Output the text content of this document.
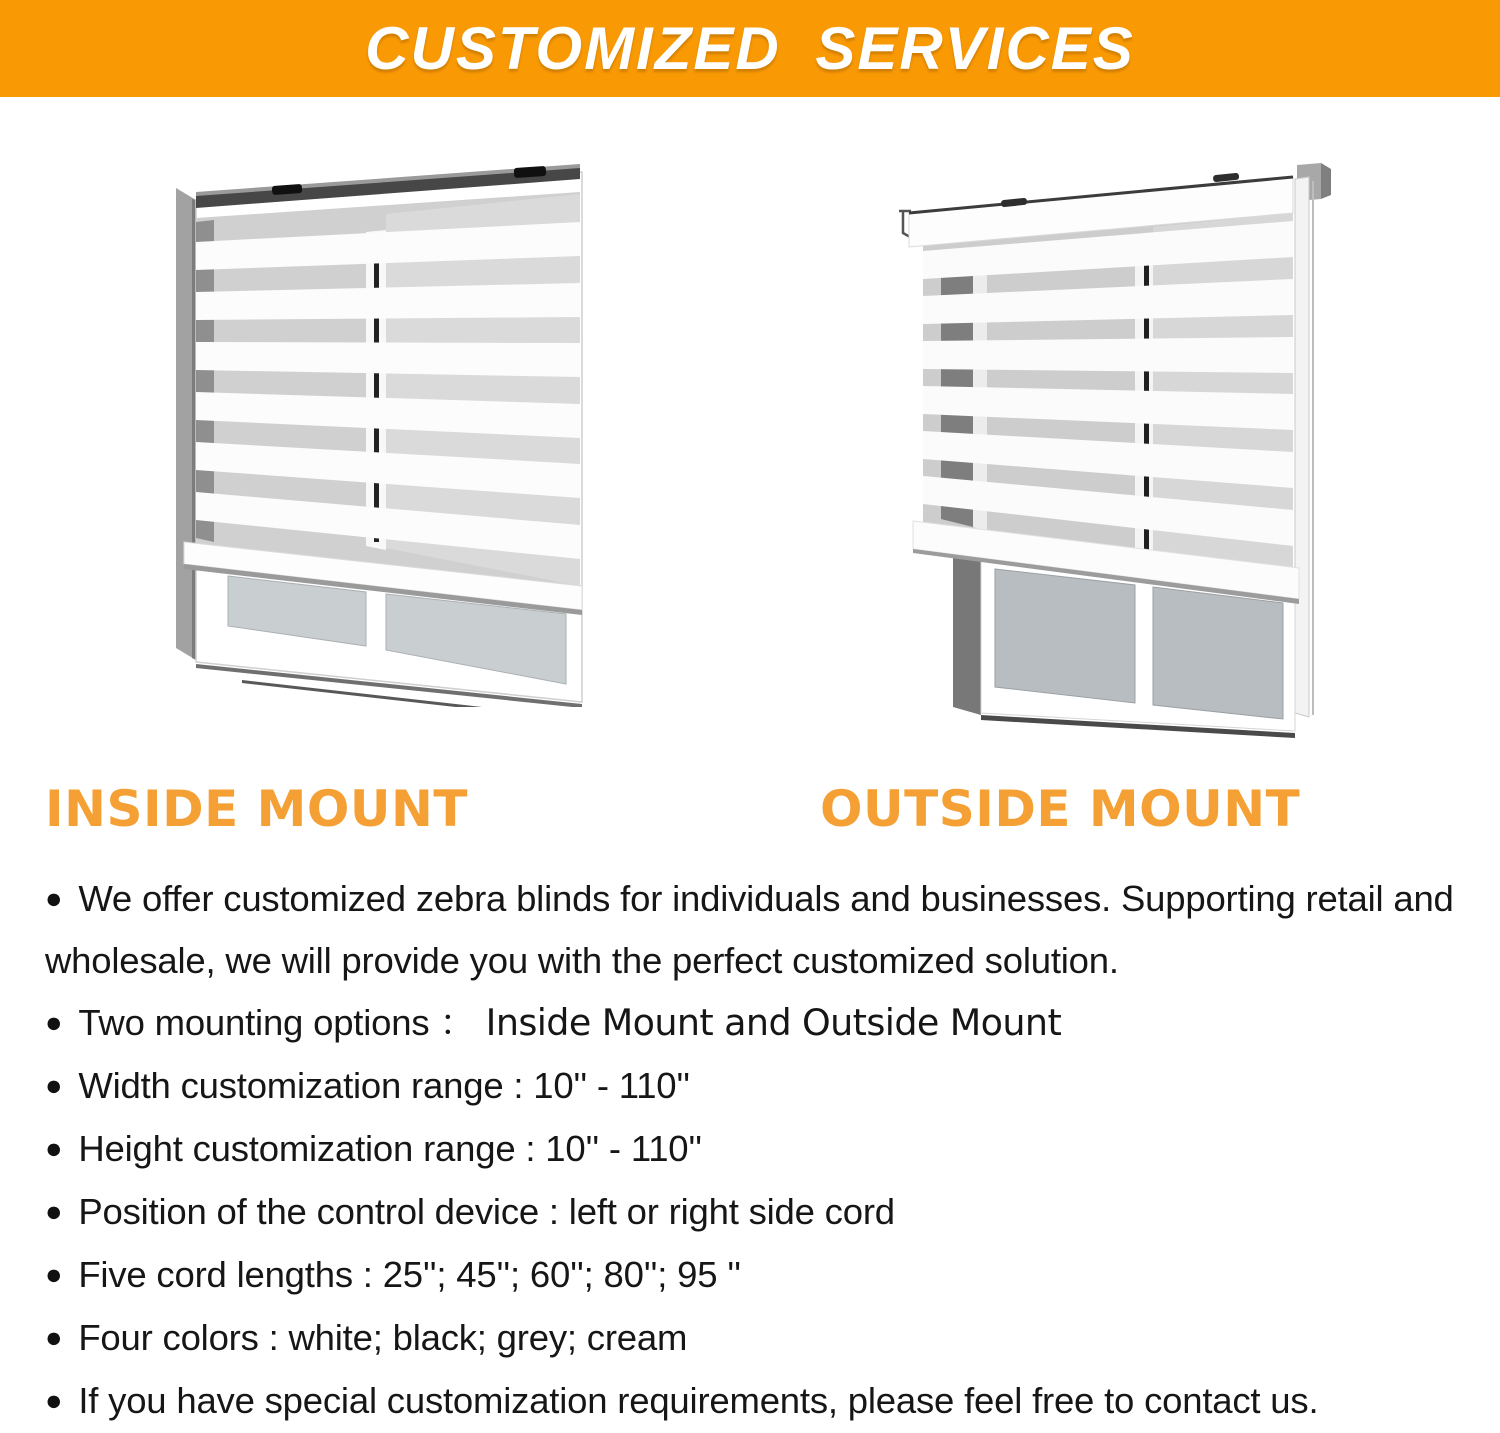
CUSTOMIZED SERVICES
INSIDE MOUNT	OUTSIDE MOUNT
● We offer customized zebra blinds for individuals and businesses. Supporting retail and wholesale, we will provide you with the perfect customized solution.
● Two mounting options ： Inside Mount and Outside Mount
● Width customization range : 10'' - 110''
● Height customization range : 10'' - 110''
● Position of the control device : left or right side cord
● Five cord lengths : 25''; 45''; 60''; 80''; 95 ''
● Four colors : white; black; grey; cream
● If you have special customization requirements, please feel free to contact us.
